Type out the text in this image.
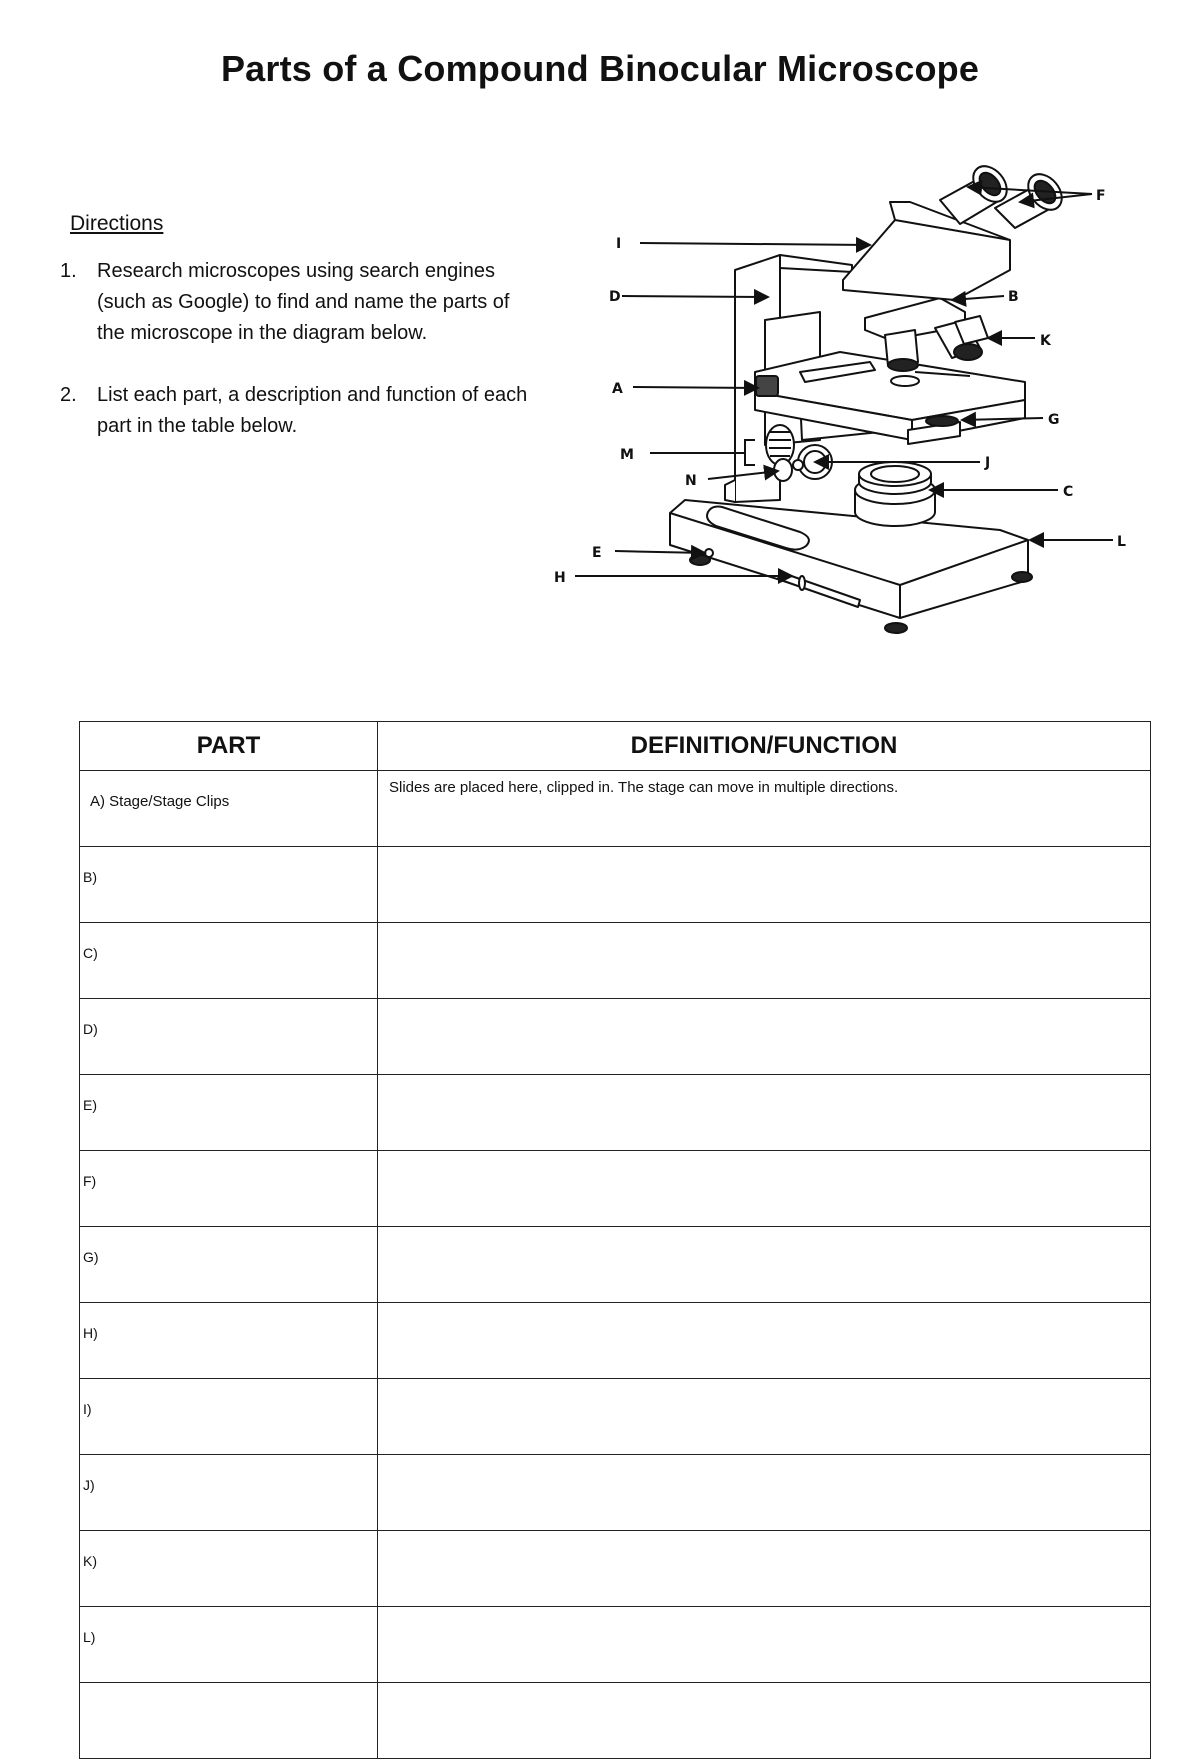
Parts of a Compound Binocular Microscope
Directions
1. Research microscopes using search engines (such as Google) to find and name the parts of the microscope in the diagram below.
2. List each part, a description and function of each part in the table below.
I
D
A
M
N
E
H
F
B
K
G
J
C
L
PART	DEFINITION/FUNCTION
A) Stage/Stage Clips	Slides are placed here, clipped in. The stage can move in multiple directions.
B)	
C)	
D)	
E)	
F)	
G)	
H)	
I)	
J)	
K)	
L)	
